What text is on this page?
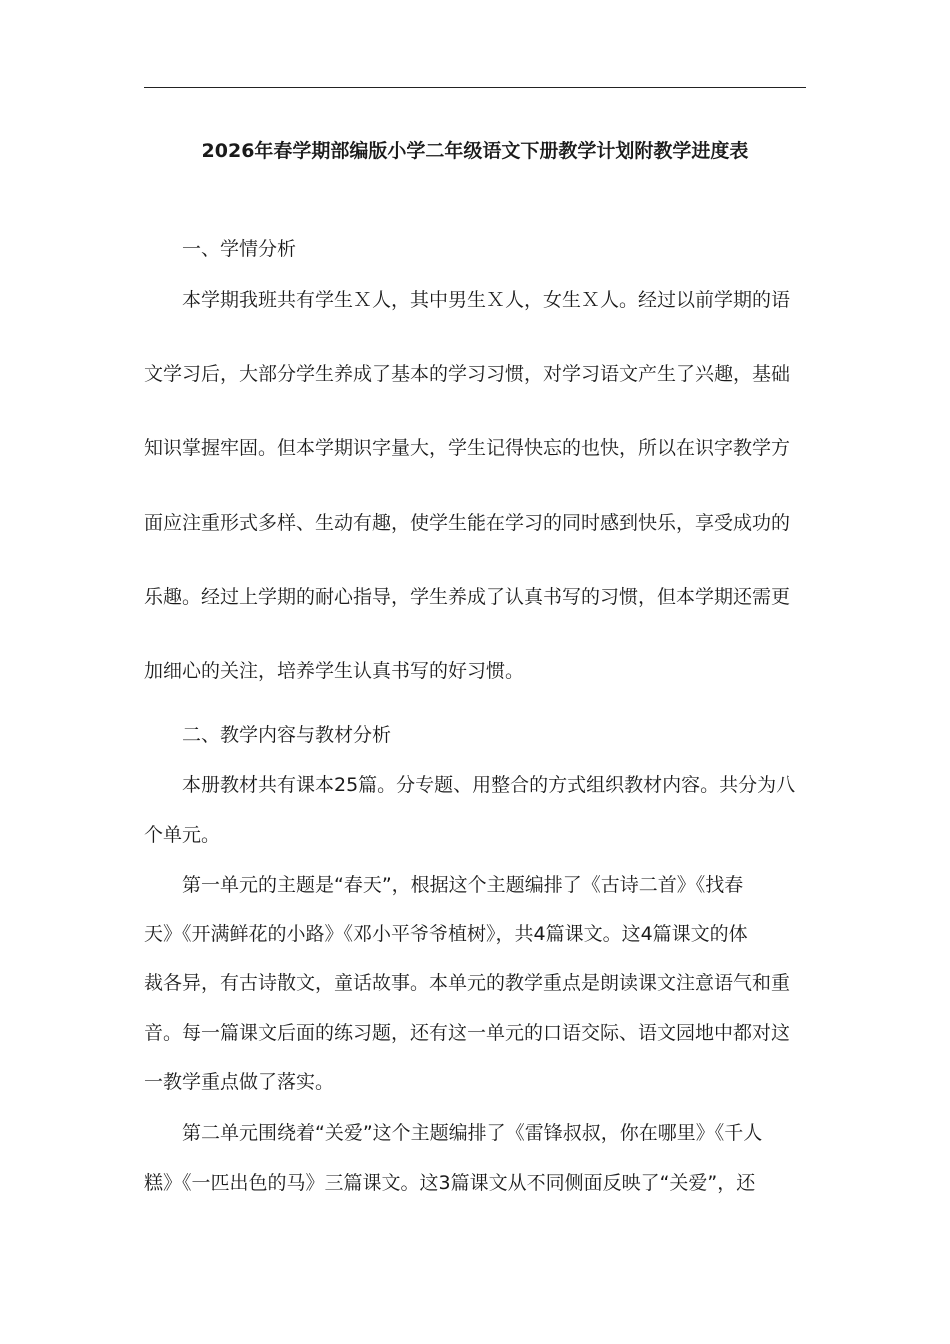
2026年春学期部编版小学二年级语文下册教学计划附教学进度表
一、学情分析
本学期我班共有学生Ｘ人，其中男生Ｘ人，女生Ｘ人。经过以前学期的语
文学习后，大部分学生养成了基本的学习习惯，对学习语文产生了兴趣，基础
知识掌握牢固。但本学期识字量大，学生记得快忘的也快，所以在识字教学方
面应注重形式多样、生动有趣，使学生能在学习的同时感到快乐，享受成功的
乐趣。经过上学期的耐心指导，学生养成了认真书写的习惯，但本学期还需更
加细心的关注，培养学生认真书写的好习惯。
二、教学内容与教材分析
本册教材共有课本25篇。分专题、用整合的方式组织教材内容。共分为八
个单元。
第一单元的主题是“春天”，根据这个主题编排了《古诗二首》《找春
天》《开满鲜花的小路》《邓小平爷爷植树》，共4篇课文。这4篇课文的体
裁各异，有古诗散文，童话故事。本单元的教学重点是朗读课文注意语气和重
音。每一篇课文后面的练习题，还有这一单元的口语交际、语文园地中都对这
一教学重点做了落实。
第二单元围绕着“关爱”这个主题编排了《雷锋叔叔，你在哪里》《千人
糕》《一匹出色的马》三篇课文。这3篇课文从不同侧面反映了“关爱”，还
